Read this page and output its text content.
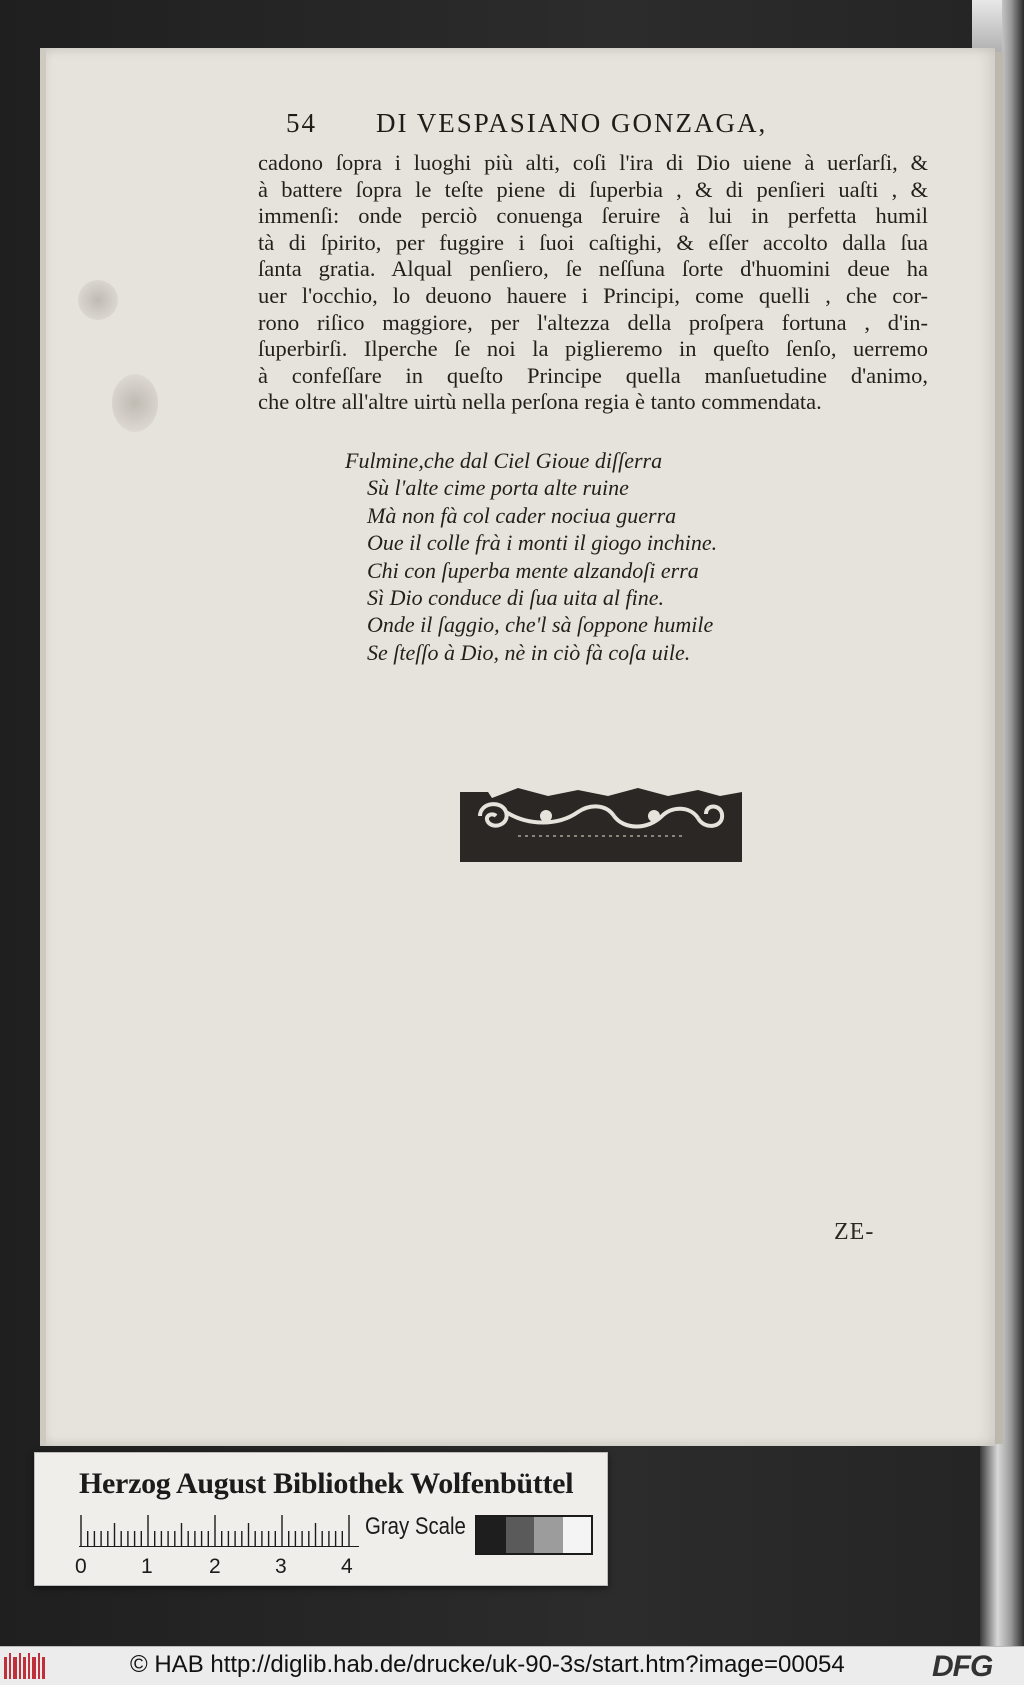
54 DI VESPASIANO GONZAGA,
cadono ſopra i luoghi più alti, coſi l'ira di Dio uiene à uerſarſi, &
à battere ſopra le teſte piene di ſuperbia , & di penſieri uaſti , &
immenſi: onde perciò conuenga ſeruire à lui in perfetta humil
tà di ſpirito, per fuggire i ſuoi caſtighi, & eſſer accolto dalla ſua
ſanta gratia. Alqual penſiero, ſe neſſuna ſorte d'huomini deue ha
uer l'occhio, lo deuono hauere i Principi, come quelli , che cor-
rono riſico maggiore, per l'altezza della proſpera fortuna , d'in-
ſuperbirſi. Ilperche ſe noi la piglieremo in queſto ſenſo, uerremo
à confeſſare in queſto Principe quella manſuetudine d'animo,
che oltre all'altre uirtù nella perſona regia è tanto commendata.
Fulmine,che dal Ciel Gioue diſſerra
Sù l'alte cime porta alte ruine
Mà non fà col cader nociua guerra
Oue il colle frà i monti il giogo inchine.
Chi con ſuperba mente alzandoſi erra
Sì Dio conduce di ſua uita al fine.
Onde il ſaggio, che'l sà ſoppone humile
Se ſteſſo à Dio, nè in ciò fà coſa uile.
ZE-
Herzog August Bibliothek Wolfenbüttel
0	1	2	3	4
Gray Scale
© HAB http://diglib.hab.de/drucke/uk-90-3s/start.htm?image=00054	DFG
